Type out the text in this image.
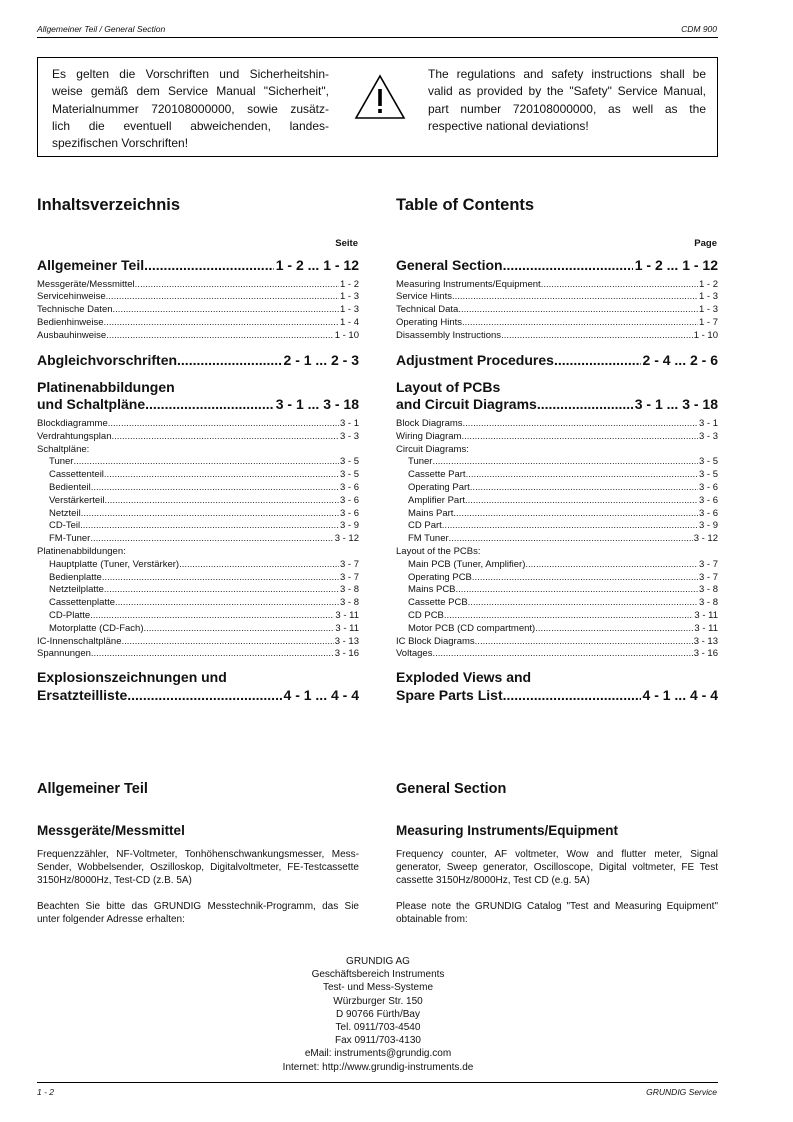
Allgemeiner Teil / General Section	CDM 900
Es gelten die Vorschriften und Sicherheitshin-
weise gemäß dem Service Manual "Sicherheit",
Materialnummer 720108000000, sowie zusätz-
lich die eventuell abweichenden, landes-
spezifischen Vorschriften!
The regulations and safety instructions shall be
valid as provided by the "Safety" Service Manual,
part number 720108000000, as well as the
respective national deviations!
Inhaltsverzeichnis	Table of Contents
Seite	Page
Allgemeiner Teil .....	1 - 2 ... 1 - 12
Messgeräte/Messmittel .....	1 - 2
Servicehinweise .....	1 - 3
Technische Daten .....	1 - 3
Bedienhinweise .....	1 - 4
Ausbauhinweise .....	1 - 10
Abgleichvorschriften .....	2 - 1 ... 2 - 3
Platinenabbildungen
und Schaltpläne .....	3 - 1 ... 3 - 18
Blockdiagramme .....	3 - 1
Verdrahtungsplan .....	3 - 3
Schaltpläne:
Tuner .....	3 - 5
Cassettenteil .....	3 - 5
Bedienteil .....	3 - 6
Verstärkerteil .....	3 - 6
Netzteil .....	3 - 6
CD-Teil .....	3 - 9
FM-Tuner .....	3 - 12
Platinenabbildungen:
Hauptplatte (Tuner, Verstärker) .....	3 - 7
Bedienplatte .....	3 - 7
Netzteilplatte .....	3 - 8
Cassettenplatte .....	3 - 8
CD-Platte .....	3 - 11
Motorplatte (CD-Fach) .....	3 - 11
IC-Innenschaltpläne .....	3 - 13
Spannungen .....	3 - 16
Explosionszeichnungen und
Ersatzteilliste .....	4 - 1 ... 4 - 4
General Section .....	1 - 2 ... 1 - 12
Measuring Instruments/Equipment .....	1 - 2
Service Hints .....	1 - 3
Technical Data .....	1 - 3
Operating Hints .....	1 - 7
Disassembly Instructions .....	1 - 10
Adjustment Procedures .....	2 - 4 ... 2 - 6
Layout of PCBs
and Circuit Diagrams .....	3 - 1 ... 3 - 18
Block Diagrams .....	3 - 1
Wiring Diagram .....	3 - 3
Circuit Diagrams:
Tuner .....	3 - 5
Cassette Part .....	3 - 5
Operating Part .....	3 - 6
Amplifier Part .....	3 - 6
Mains Part .....	3 - 6
CD Part .....	3 - 9
FM Tuner .....	3 - 12
Layout of the PCBs:
Main PCB (Tuner, Amplifier) .....	3 - 7
Operating PCB .....	3 - 7
Mains PCB .....	3 - 8
Cassette PCB .....	3 - 8
CD PCB .....	3 - 11
Motor PCB (CD compartment) .....	3 - 11
IC Block Diagrams .....	3 - 13
Voltages .....	3 - 16
Exploded Views and
Spare Parts List .....	4 - 1 ... 4 - 4
Allgemeiner Teil	General Section
Messgeräte/Messmittel	Measuring Instruments/Equipment
Frequenzzähler, NF-Voltmeter, Tonhöhenschwankungsmesser, Mess-Sender, Wobbelsender, Oszilloskop, Digitalvoltmeter, FE-Testcassette 3150Hz/8000Hz, Test-CD (z.B. 5A)
Frequency counter, AF voltmeter, Wow and flutter meter, Signal generator, Sweep generator, Oscilloscope, Digital voltmeter, FE Test cassette 3150Hz/8000Hz, Test CD (e.g. 5A)
Beachten Sie bitte das GRUNDIG Messtechnik-Programm, das Sie unter folgender Adresse erhalten:
Please note the GRUNDIG Catalog "Test and Measuring Equipment" obtainable from:
GRUNDIG AG
Geschäftsbereich Instruments
Test- und Mess-Systeme
Würzburger Str. 150
D 90766 Fürth/Bay
Tel. 0911/703-4540
Fax 0911/703-4130
eMail: instruments@grundig.com
Internet: http://www.grundig-instruments.de
1 - 2	GRUNDIG Service
